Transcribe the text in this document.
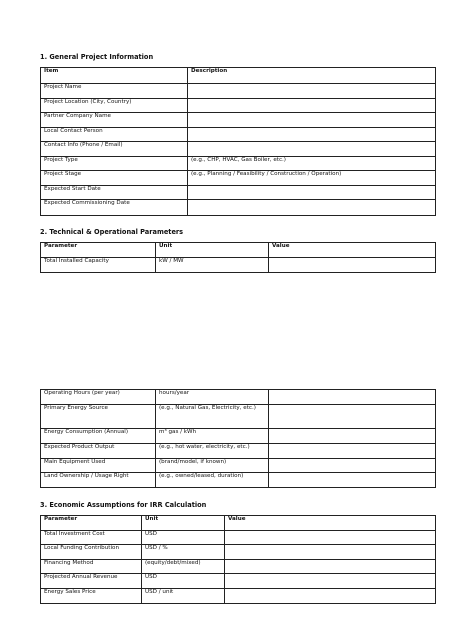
1. General Project Information
Item	Description
Project Name	
Project Location (City, Country)	
Partner Company Name	
Local Contact Person	
Contact Info (Phone / Email)	
Project Type	(e.g., CHP, HVAC, Gas Boiler, etc.)
Project Stage	(e.g., Planning / Feasibility / Construction / Operation)
Expected Start Date	
Expected Commissioning Date	
2. Technical & Operational Parameters
Parameter	Unit	Value
Total Installed Capacity	kW / MW	
Operating Hours (per year)	hours/year	
Primary Energy Source	(e.g., Natural Gas, Electricity, etc.)	
Energy Consumption (Annual)	m³ gas / kWh	
Expected Product Output	(e.g., hot water, electricity, etc.)	
Main Equipment Used	(brand/model, if known)	
Land Ownership / Usage Right	(e.g., owned/leased, duration)	
3. Economic Assumptions for IRR Calculation
Parameter	Unit	Value
Total Investment Cost	USD	
Local Funding Contribution	USD / %	
Financing Method	(equity/debt/mixed)	
Projected Annual Revenue	USD	
Energy Sales Price	USD / unit	
